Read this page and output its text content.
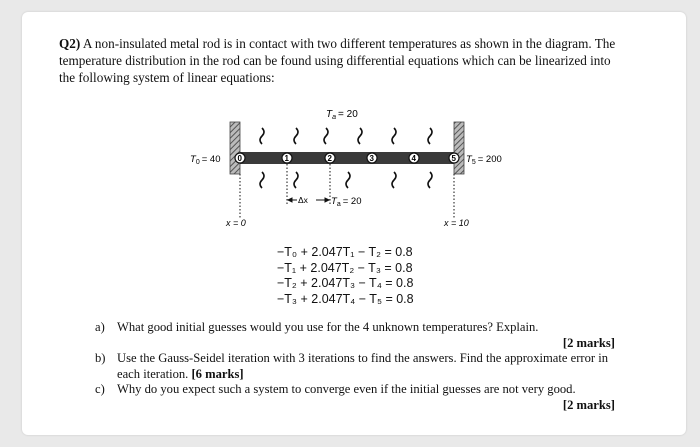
Q2) A non-insulated metal rod is in contact with two different temperatures as shown in the diagram. The temperature distribution in the rod can be found using differential equations which can be linearized into the following system of linear equations:
$T_a = 20$
0	1	2	3	4	5
$T_0 = 40$	$T_5 = 200$
Δx $T_a = 20$
x = 0	x = 10
−T₀ + 2.047T₁ − T₂ = 0.8
−T₁ + 2.047T₂ − T₃ = 0.8
−T₂ + 2.047T₃ − T₄ = 0.8
−T₃ + 2.047T₄ − T₅ = 0.8
a) What good initial guesses would you use for the 4 unknown temperatures? Explain.
[2 marks]
b) Use the Gauss-Seidel iteration with 3 iterations to find the answers. Find the approximate error in each iteration. [6 marks]
c) Why do you expect such a system to converge even if the initial guesses are not very good.
[2 marks]
